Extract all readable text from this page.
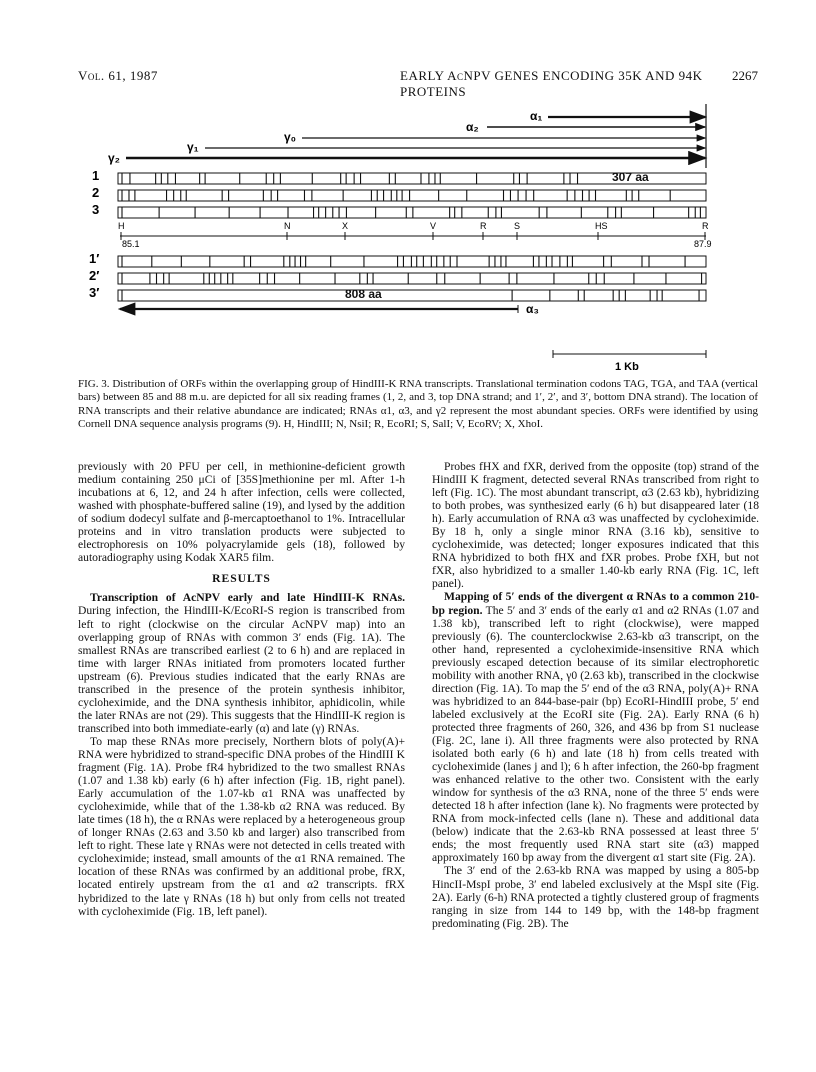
Vol. 61, 1987	EARLY AcNPV GENES ENCODING 35K AND 94K PROTEINS
2267
α₁
α₂
γ₀
γ₁
γ₂
1
2
3
1′
2′
3′
307 aa
808 aa
H	N	X	V	R	S	HS	R
85.1	87.9
α₃
1 Kb
FIG. 3. Distribution of ORFs within the overlapping group of HindIII-K RNA transcripts. Translational termination codons TAG, TGA, and TAA (vertical bars) between 85 and 88 m.u. are depicted for all six reading frames (1, 2, and 3, top DNA strand; and 1′, 2′, and 3′, bottom DNA strand). The location of RNA transcripts and their relative abundance are indicated; RNAs α1, α3, and γ2 represent the most abundant species. ORFs were identified by using Cornell DNA sequence analysis programs (9). H, HindIII; N, NsiI; R, EcoRI; S, SalI; V, EcoRV; X, XhoI.

previously with 20 PFU per cell, in methionine-deficient growth medium containing 250 μCi of [35S]methionine per ml. After 1-h incubations at 6, 12, and 24 h after infection, cells were collected, washed with phosphate-buffered saline (19), and lysed by the addition of sodium dodecyl sulfate and β-mercaptoethanol to 1%. Intracellular proteins and in vitro translation products were subjected to electrophoresis on 10% polyacrylamide gels (18), followed by autoradiography using Kodak XAR5 film.

RESULTS

Transcription of AcNPV early and late HindIII-K RNAs. During infection, the HindIII-K/EcoRI-S region is transcribed from left to right (clockwise on the circular AcNPV map) into an overlapping group of RNAs with common 3′ ends (Fig. 1A). The smallest RNAs are transcribed earliest (2 to 6 h) and are replaced in time with larger RNAs initiated from promoters located further upstream (6). Previous studies indicated that the early RNAs are transcribed in the presence of the protein synthesis inhibitor, cycloheximide, and the DNA synthesis inhibitor, aphidicolin, while the later RNAs are not (29). This suggests that the HindIII-K region is transcribed into both immediate-early (α) and late (γ) RNAs.

To map these RNAs more precisely, Northern blots of poly(A)+ RNA were hybridized to strand-specific DNA probes of the HindIII K fragment (Fig. 1A). Probe fR4 hybridized to the two smallest RNAs (1.07 and 1.38 kb) early (6 h) after infection (Fig. 1B, right panel). Early accumulation of the 1.07-kb α1 RNA was unaffected by cycloheximide, while that of the 1.38-kb α2 RNA was reduced. By late times (18 h), the α RNAs were replaced by a heterogeneous group of longer RNAs (2.63 and 3.50 kb and larger) also transcribed from left to right. These late γ RNAs were not detected in cells treated with cycloheximide; instead, small amounts of the α1 RNA remained. The location of these RNAs was confirmed by an additional probe, fRX, located entirely upstream from the α1 and α2 transcripts. fRX hybridized to the late γ RNAs (18 h) but only from cells not treated with cycloheximide (Fig. 1B, left panel).

Probes fHX and fXR, derived from the opposite (top) strand of the HindIII K fragment, detected several RNAs transcribed from right to left (Fig. 1C). The most abundant transcript, α3 (2.63 kb), hybridizing to both probes, was synthesized early (6 h) but disappeared later (18 h). Early accumulation of RNA α3 was unaffected by cycloheximide. By 18 h, only a single minor RNA (3.16 kb), sensitive to cycloheximide, was detected; longer exposures indicated that this RNA hybridized to both fHX and fXR probes. Probe fXH, but not fXR, also hybridized to a smaller 1.40-kb early RNA (Fig. 1C, left panel).

Mapping of 5′ ends of the divergent α RNAs to a common 210-bp region. The 5′ and 3′ ends of the early α1 and α2 RNAs (1.07 and 1.38 kb), transcribed left to right (clockwise), were mapped previously (6). The counterclockwise 2.63-kb α3 transcript, on the other hand, represented a cycloheximide-insensitive RNA which previously escaped detection because of its similar electrophoretic mobility with another RNA, γ0 (2.63 kb), transcribed in the clockwise direction (Fig. 1A). To map the 5′ end of the α3 RNA, poly(A)+ RNA was hybridized to an 844-base-pair (bp) EcoRI-HindIII probe, 5′ end labeled exclusively at the EcoRI site (Fig. 2A). Early RNA (6 h) protected three fragments of 260, 326, and 436 bp from S1 nuclease (Fig. 2C, lane i). All three fragments were also protected by RNA isolated both early (6 h) and late (18 h) from cells treated with cycloheximide (lanes j and l); 6 h after infection, the 260-bp fragment was enhanced relative to the other two. Consistent with the early window for synthesis of the α3 RNA, none of the three 5′ ends were detected 18 h after infection (lane k). No fragments were protected by RNA from mock-infected cells (lane n). These and additional data (below) indicate that the 2.63-kb RNA possessed at least three 5′ ends; the most frequently used RNA start site (α3) mapped approximately 160 bp away from the divergent α1 start site (Fig. 2A).

The 3′ end of the 2.63-kb RNA was mapped by using a 805-bp HincII-MspI probe, 3′ end labeled exclusively at the MspI site (Fig. 2A). Early (6-h) RNA protected a tightly clustered group of fragments ranging in size from 144 to 149 bp, with the 148-bp fragment predominating (Fig. 2B). The
